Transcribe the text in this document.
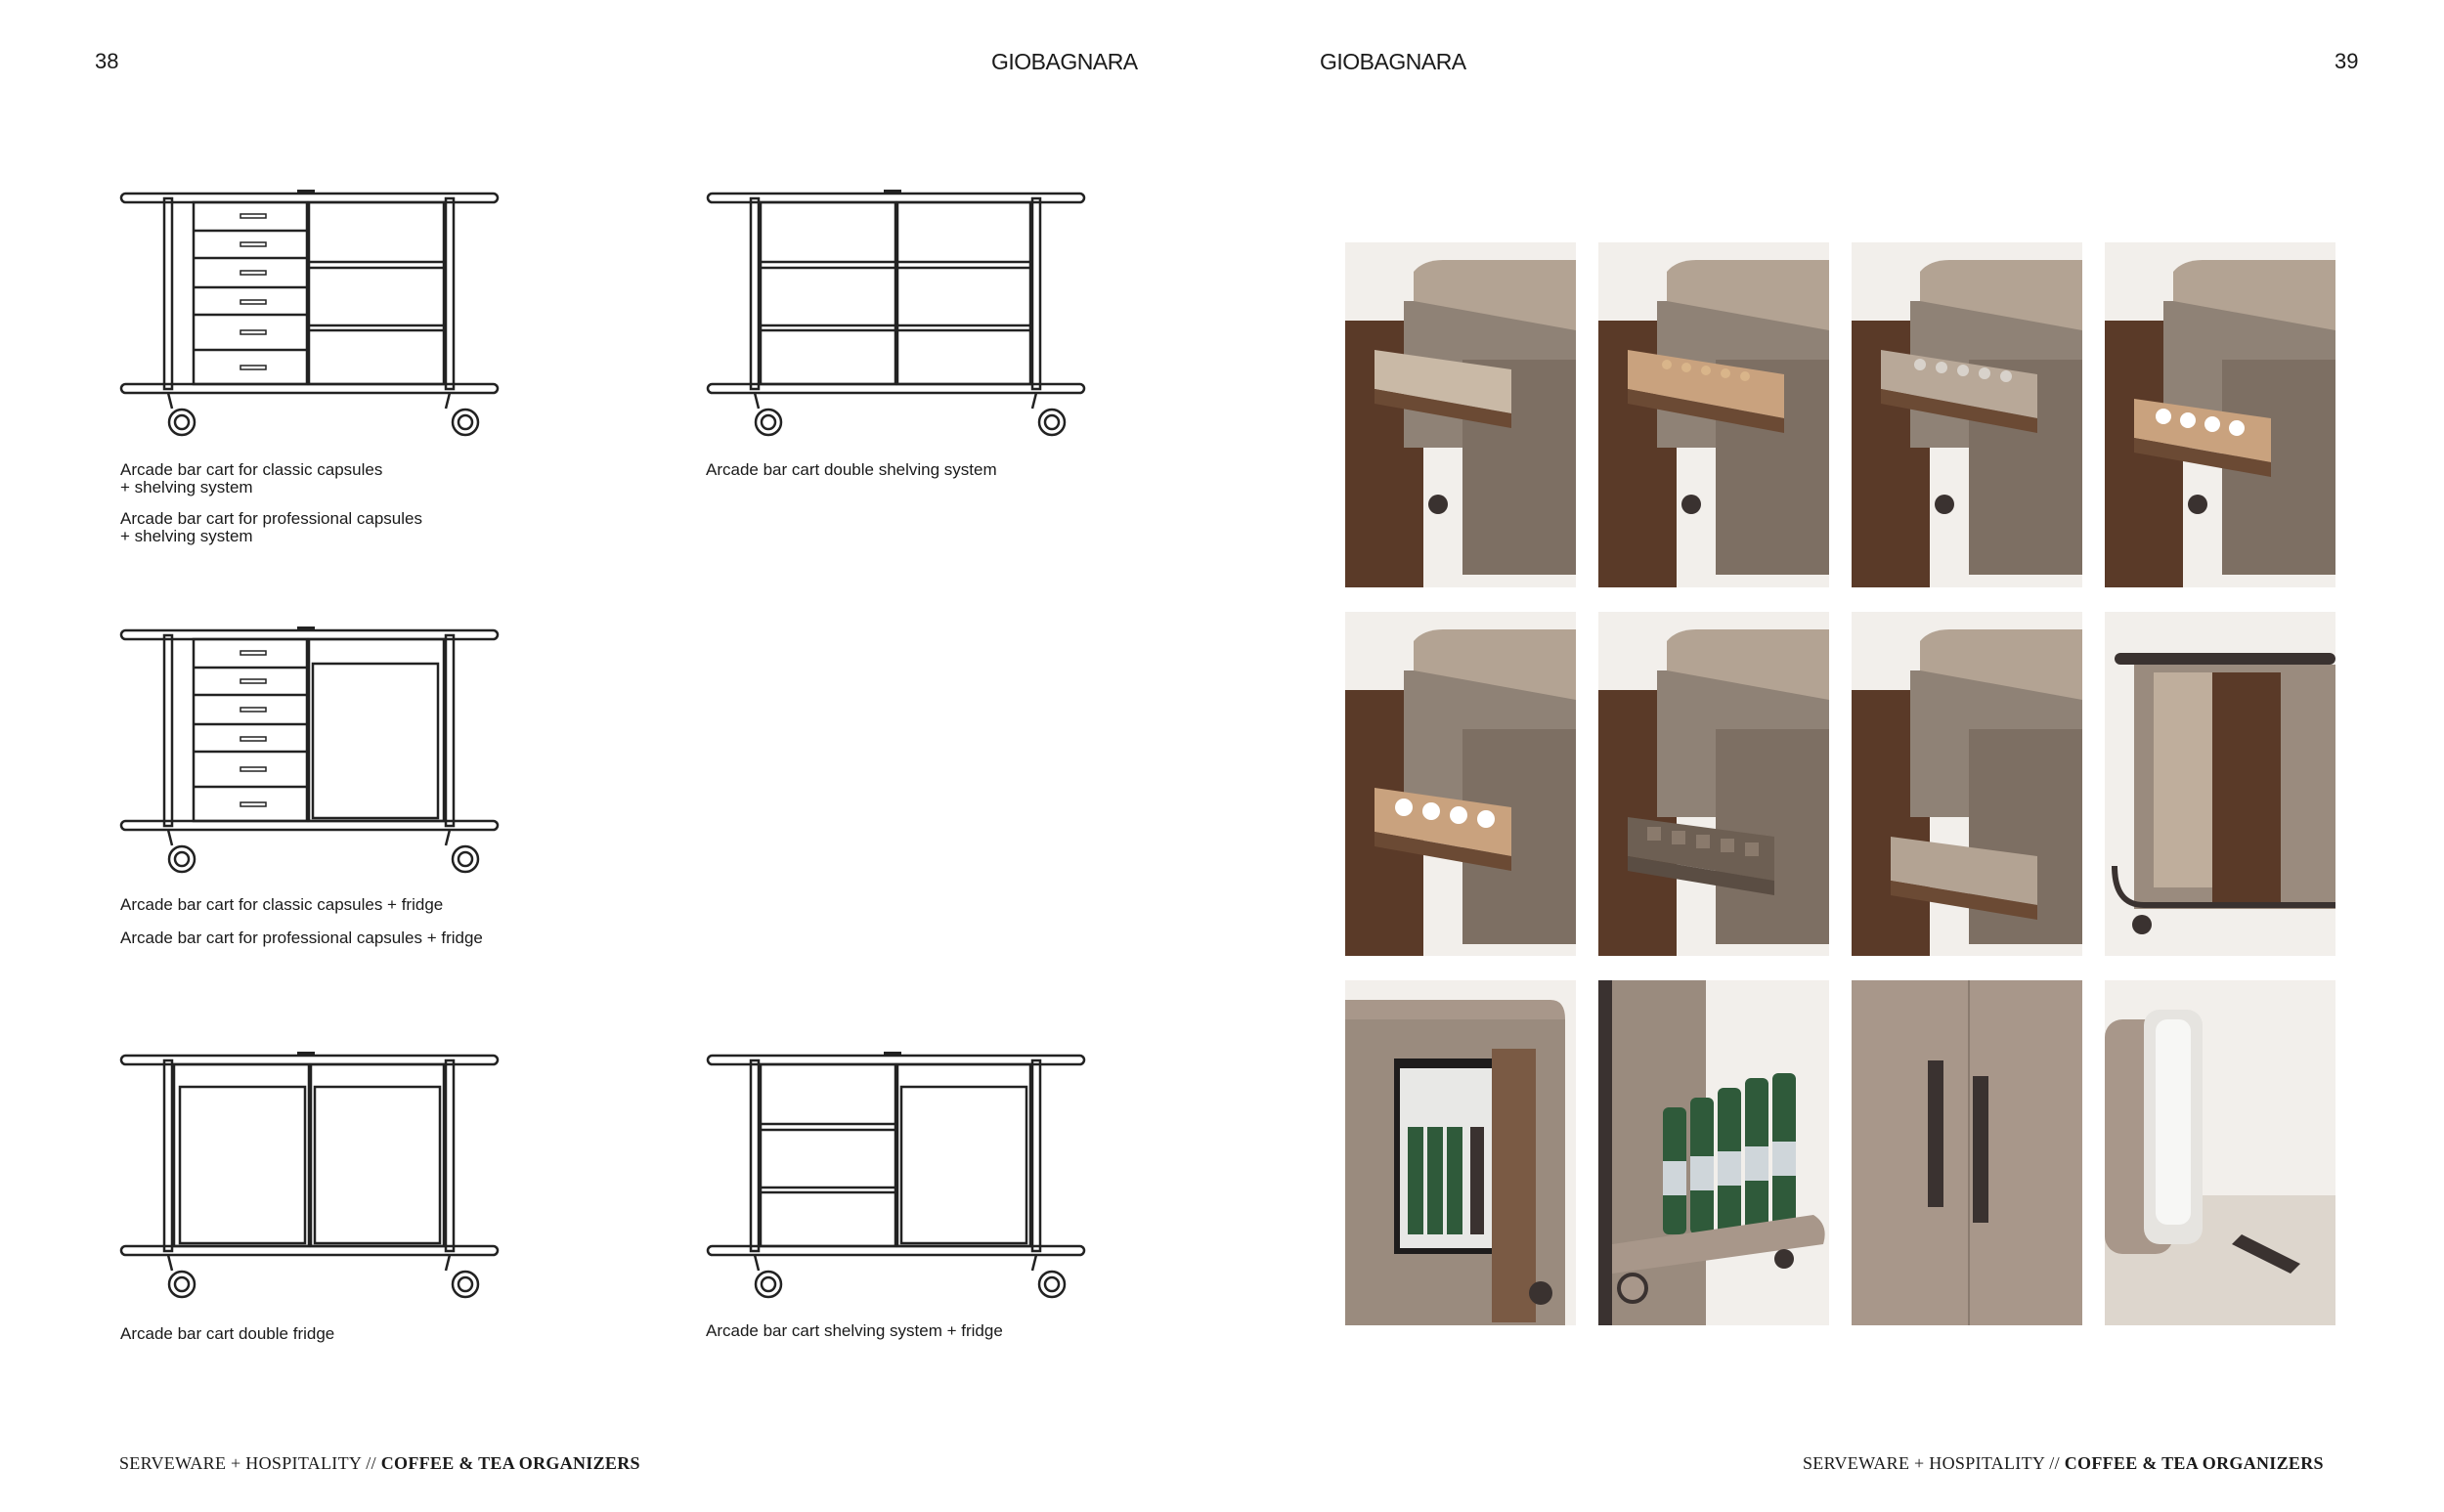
38	GIOBAGNARA	GIOBAGNARA	39
Arcade bar cart for classic capsules
+ shelving system
Arcade bar cart for professional capsules
+ shelving system
Arcade bar cart double shelving system
Arcade bar cart for classic capsules + fridge
Arcade bar cart for professional capsules + fridge
Arcade bar cart double fridge	Arcade bar cart shelving system + fridge
SERVEWARE + HOSPITALITY // COFFEE & TEA ORGANIZERS	SERVEWARE + HOSPITALITY // COFFEE & TEA ORGANIZERS
